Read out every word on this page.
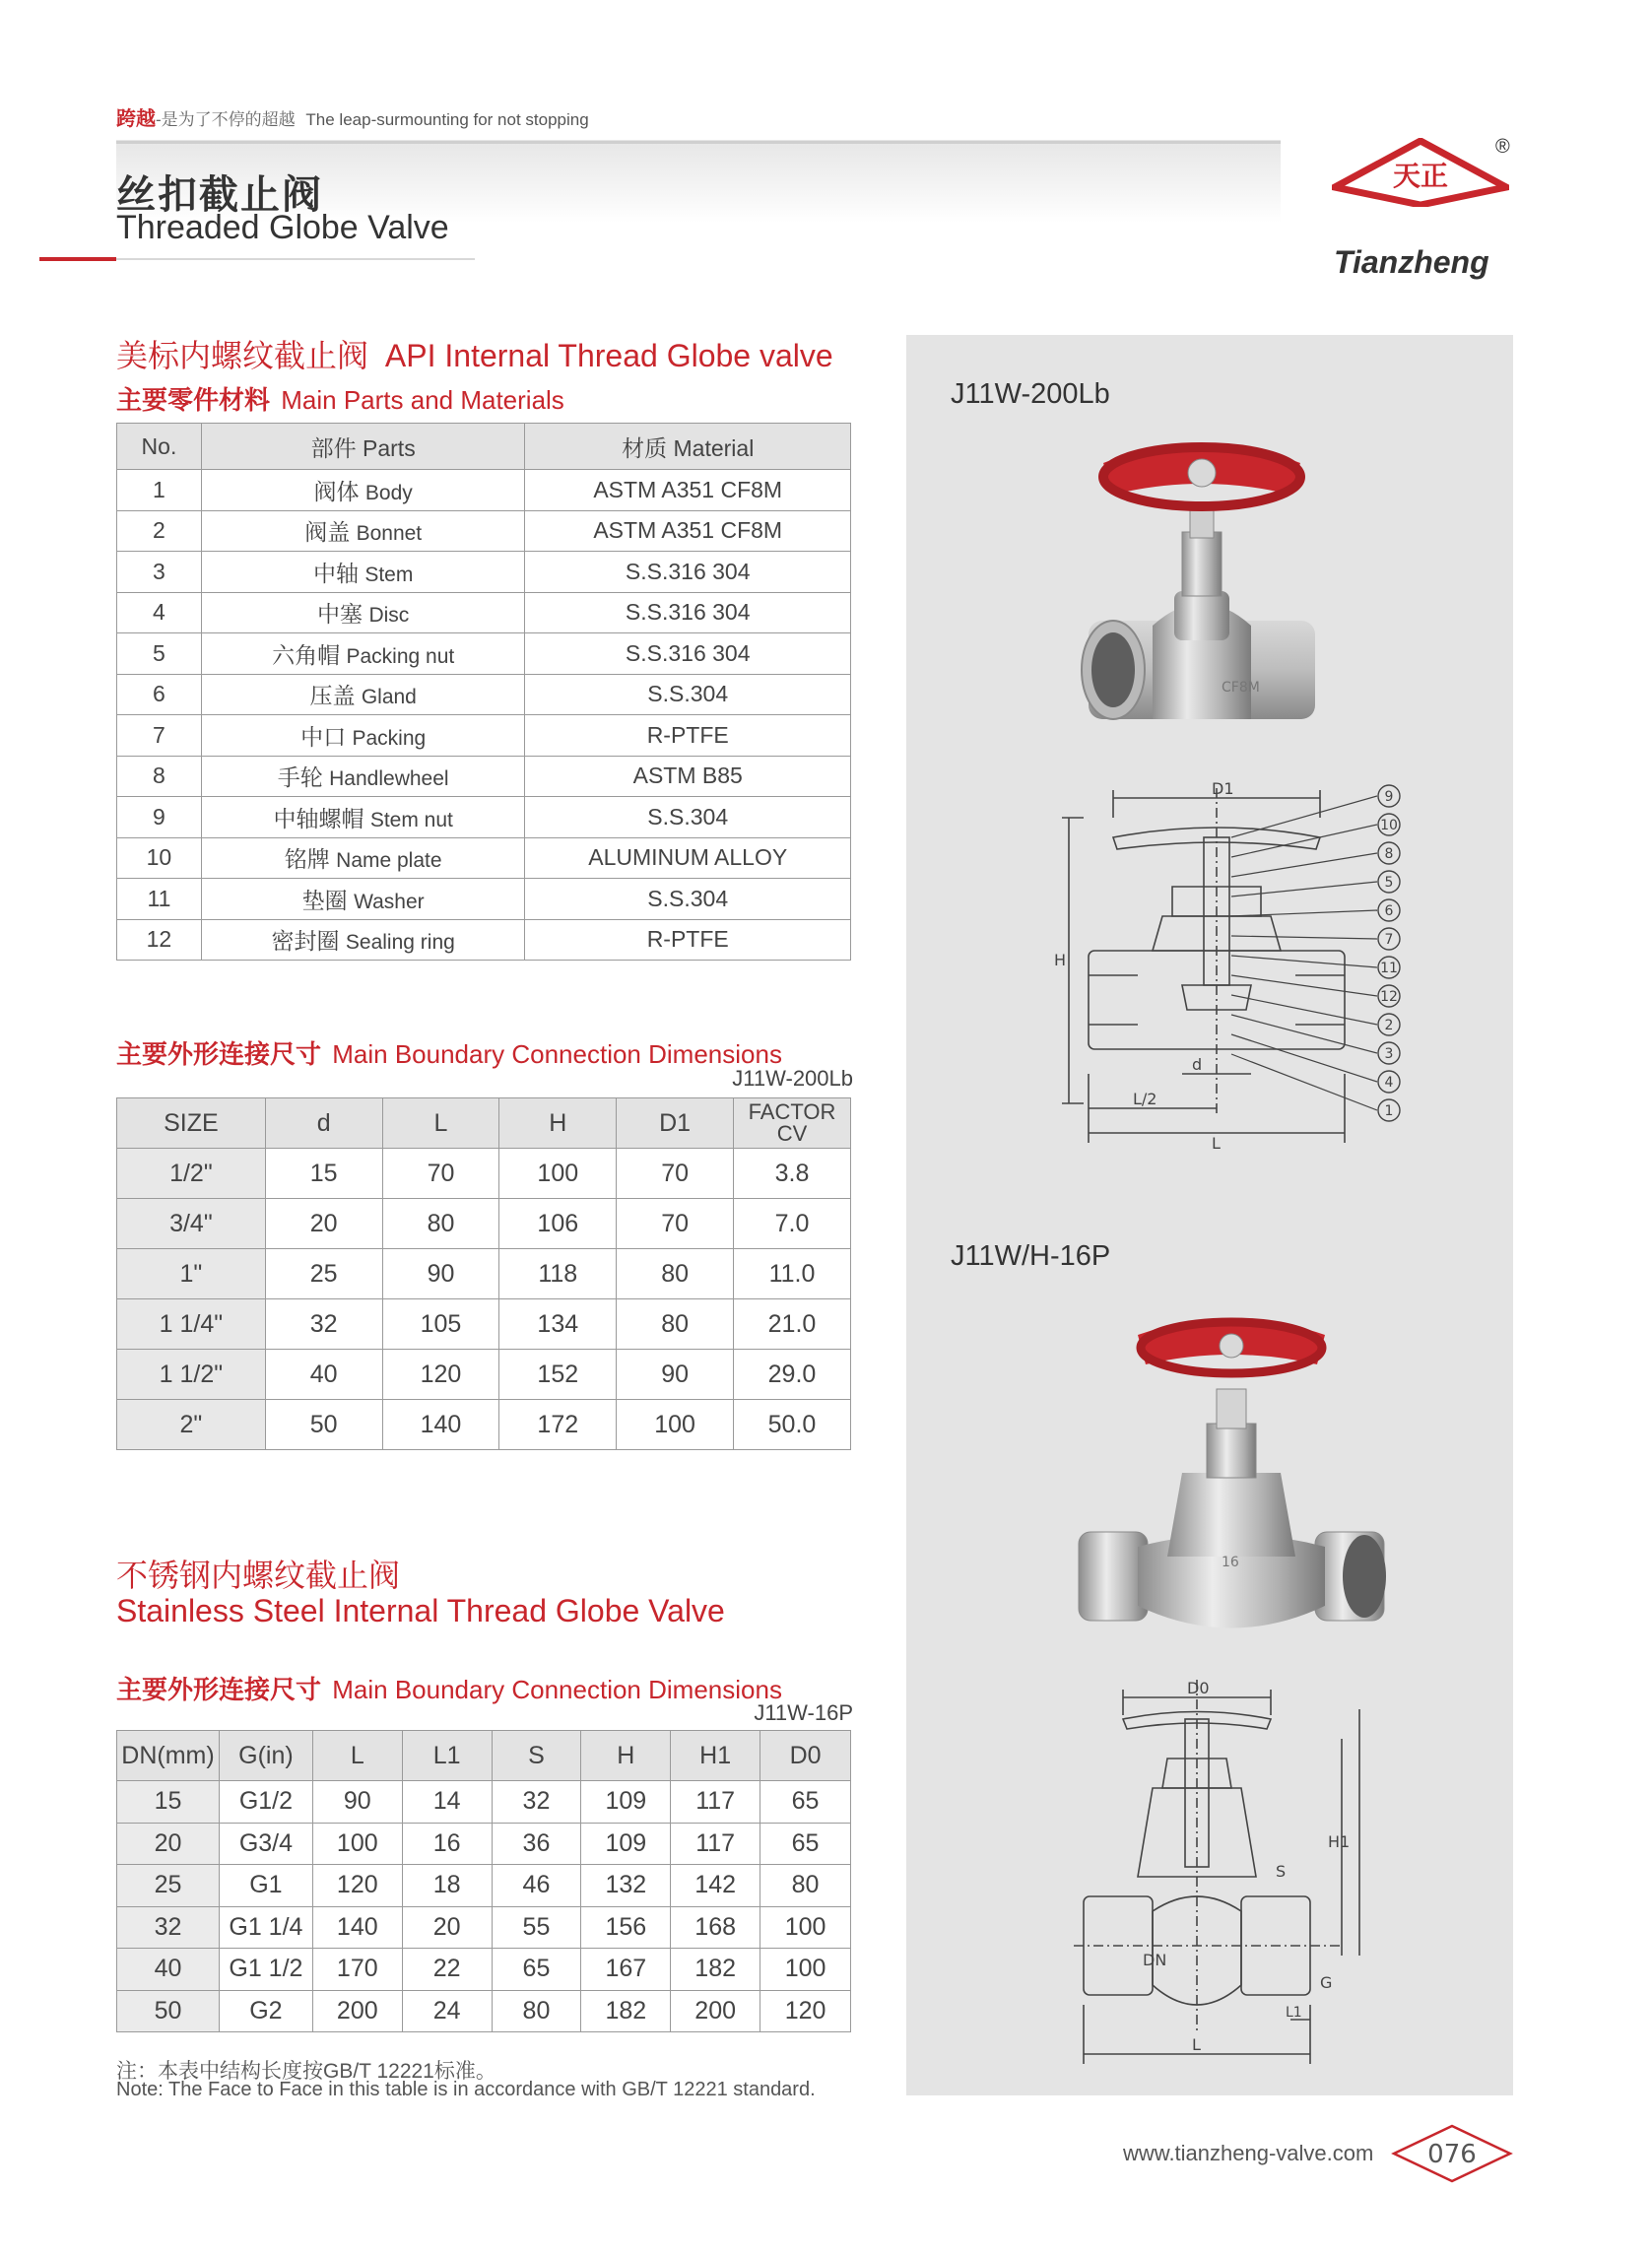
跨越-是为了不停的超越 The leap-surmounting for not stopping
丝扣截止阀
Threaded Globe Valve
天正
®
Tianzheng
美标内螺纹截止阀 API Internal Thread Globe valve
主要零件材料 Main Parts and Materials
No.	部件 Parts	材质 Material
1	阀体 Body	ASTM A351 CF8M
2	阀盖 Bonnet	ASTM A351 CF8M
3	中轴 Stem	S.S.316 304
4	中塞 Disc	S.S.316 304
5	六角帽 Packing nut	S.S.316 304
6	压盖 Gland	S.S.304
7	中口 Packing	R-PTFE
8	手轮 Handlewheel	ASTM B85
9	中轴螺帽 Stem nut	S.S.304
10	铭牌 Name plate	ALUMINUM ALLOY
11	垫圈 Washer	S.S.304
12	密封圈 Sealing ring	R-PTFE
主要外形连接尺寸 Main Boundary Connection Dimensions
J11W-200Lb
SIZE	d	L	H	D1	FACTOR CV
1/2"	15	70	100	70	3.8
3/4"	20	80	106	70	7.0
1"	25	90	118	80	11.0
1 1/4"	32	105	134	80	21.0
1 1/2"	40	120	152	90	29.0
2"	50	140	172	100	50.0
不锈钢内螺纹截止阀
Stainless Steel Internal Thread Globe Valve
主要外形连接尺寸 Main Boundary Connection Dimensions
J11W-16P
DN(mm)	G(in)	L	L1	S	H	H1	D0
15	G1/2	90	14	32	109	117	65
20	G3/4	100	16	36	109	117	65
25	G1	120	18	46	132	142	80
32	G1 1/4	140	20	55	156	168	100
40	G1 1/2	170	22	65	167	182	100
50	G2	200	24	80	182	200	120
注：本表中结构长度按GB/T 12221标准。
Note: The Face to Face in this table is in accordance with GB/T 12221 standard.
J11W-200Lb
J11W/H-16P
CF8M
D1
H
d
L/2
L
9
10
8
5
6
7
11
12
2
3
4
1
16
D0
H1
S
DN
G
L
L1
www.tianzheng-valve.com 076
